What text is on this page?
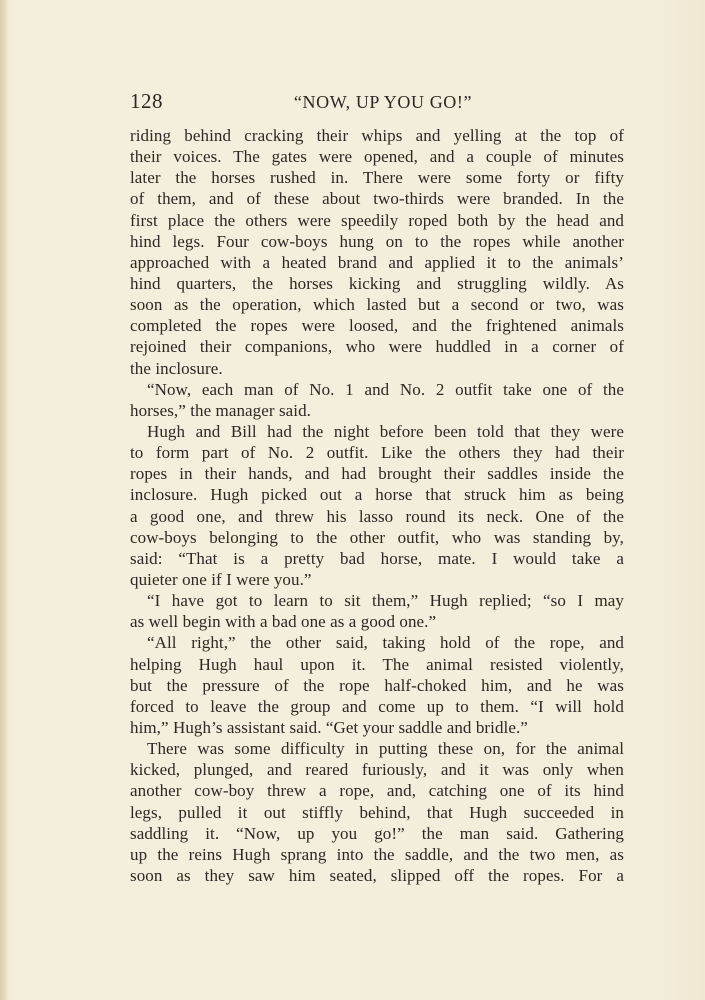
128	“NOW, UP YOU GO!”
riding behind cracking their whips and yelling at the top of
their voices. The gates were opened, and a couple of minutes
later the horses rushed in. There were some forty or fifty
of them, and of these about two-thirds were branded. In the
first place the others were speedily roped both by the head and
hind legs. Four cow-boys hung on to the ropes while another
approached with a heated brand and applied it to the animals’
hind quarters, the horses kicking and struggling wildly. As
soon as the operation, which lasted but a second or two, was
completed the ropes were loosed, and the frightened animals
rejoined their companions, who were huddled in a corner of
the inclosure.
“Now, each man of No. 1 and No. 2 outfit take one of the
horses,” the manager said.
Hugh and Bill had the night before been told that they were
to form part of No. 2 outfit. Like the others they had their
ropes in their hands, and had brought their saddles inside the
inclosure. Hugh picked out a horse that struck him as being
a good one, and threw his lasso round its neck. One of the
cow-boys belonging to the other outfit, who was standing by,
said: “That is a pretty bad horse, mate. I would take a
quieter one if I were you.”
“I have got to learn to sit them,” Hugh replied; “so I may
as well begin with a bad one as a good one.”
“All right,” the other said, taking hold of the rope, and
helping Hugh haul upon it. The animal resisted violently,
but the pressure of the rope half-choked him, and he was
forced to leave the group and come up to them. “I will hold
him,” Hugh’s assistant said. “Get your saddle and bridle.”
There was some difficulty in putting these on, for the animal
kicked, plunged, and reared furiously, and it was only when
another cow-boy threw a rope, and, catching one of its hind
legs, pulled it out stiffly behind, that Hugh succeeded in
saddling it. “Now, up you go!” the man said. Gathering
up the reins Hugh sprang into the saddle, and the two men, as
soon as they saw him seated, slipped off the ropes. For a
